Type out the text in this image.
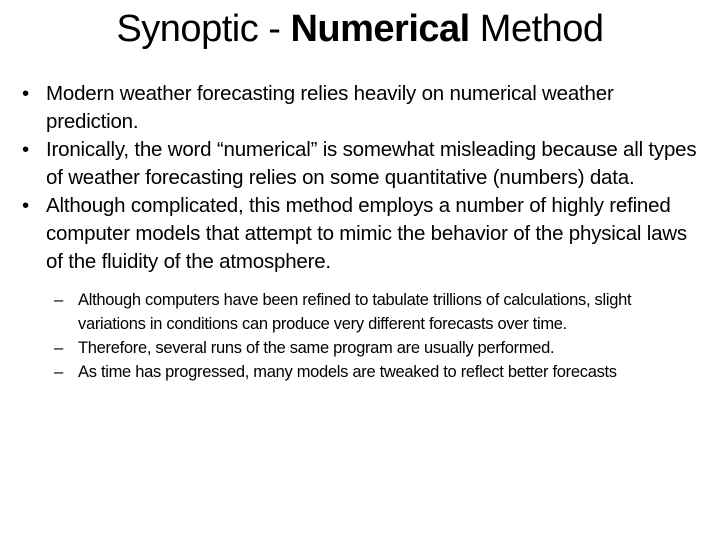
Synoptic - Numerical Method
• Modern weather forecasting relies heavily on numerical weather prediction.
• Ironically, the word “numerical” is somewhat misleading because all types of weather forecasting relies on some quantitative (numbers) data.
• Although complicated, this method employs a number of highly refined computer models that attempt to mimic the behavior of the physical laws of the fluidity of the atmosphere.
– Although computers have been refined to tabulate trillions of calculations, slight variations in conditions can produce very different forecasts over time.
– Therefore, several runs of the same program are usually performed.
– As time has progressed, many models are tweaked to reflect better forecasts
